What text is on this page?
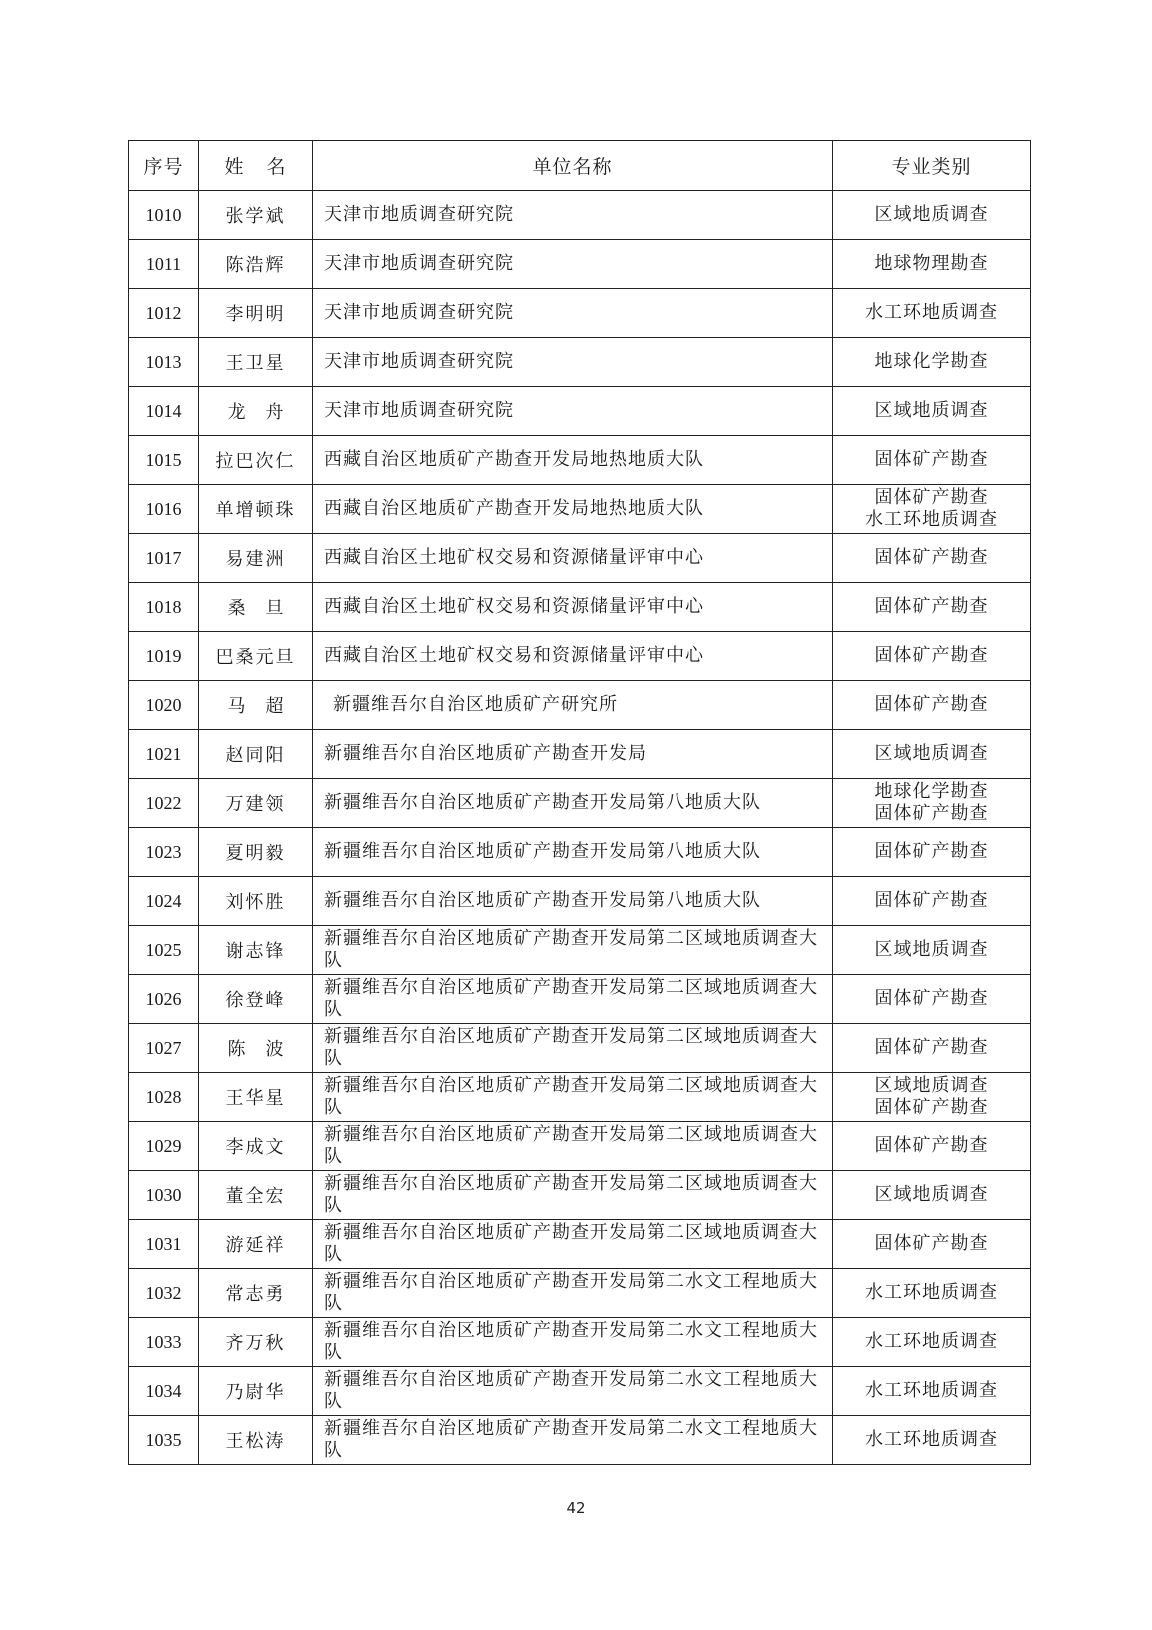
序号	姓 名	单位名称	专业类别
1010	张学斌	天津市地质调查研究院	区域地质调查

1011	陈浩辉	天津市地质调查研究院	地球物理勘查

1012	李明明	天津市地质调查研究院	水工环地质调查

1013	王卫星	天津市地质调查研究院	地球化学勘查

1014	龙舟	天津市地质调查研究院	区域地质调查

1015	拉巴次仁	西藏自治区地质矿产勘查开发局地热地质大队	固体矿产勘查

1016	单增顿珠	西藏自治区地质矿产勘查开发局地热地质大队	固体矿产勘查
水工环地质调查

1017	易建洲	西藏自治区土地矿权交易和资源储量评审中心	固体矿产勘查

1018	桑旦	西藏自治区土地矿权交易和资源储量评审中心	固体矿产勘查

1019	巴桑元旦	西藏自治区土地矿权交易和资源储量评审中心	固体矿产勘查

1020	马超	新疆维吾尔自治区地质矿产研究所	固体矿产勘查

1021	赵同阳	新疆维吾尔自治区地质矿产勘查开发局	区域地质调查

1022	万建领	新疆维吾尔自治区地质矿产勘查开发局第八地质大队	地球化学勘查
固体矿产勘查

1023	夏明毅	新疆维吾尔自治区地质矿产勘查开发局第八地质大队	固体矿产勘查

1024	刘怀胜	新疆维吾尔自治区地质矿产勘查开发局第八地质大队	固体矿产勘查

1025	谢志锋	新疆维吾尔自治区地质矿产勘查开发局第二区域地质调查大队	区域地质调查

1026	徐登峰	新疆维吾尔自治区地质矿产勘查开发局第二区域地质调查大队	固体矿产勘查

1027	陈波	新疆维吾尔自治区地质矿产勘查开发局第二区域地质调查大队	固体矿产勘查

1028	王华星	新疆维吾尔自治区地质矿产勘查开发局第二区域地质调查大队	区域地质调查
固体矿产勘查

1029	李成文	新疆维吾尔自治区地质矿产勘查开发局第二区域地质调查大队	固体矿产勘查

1030	董全宏	新疆维吾尔自治区地质矿产勘查开发局第二区域地质调查大队	区域地质调查

1031	游延祥	新疆维吾尔自治区地质矿产勘查开发局第二区域地质调查大队	固体矿产勘查

1032	常志勇	新疆维吾尔自治区地质矿产勘查开发局第二水文工程地质大队	水工环地质调查

1033	齐万秋	新疆维吾尔自治区地质矿产勘查开发局第二水文工程地质大队	水工环地质调查

1034	乃尉华	新疆维吾尔自治区地质矿产勘查开发局第二水文工程地质大队	水工环地质调查

1035	王松涛	新疆维吾尔自治区地质矿产勘查开发局第二水文工程地质大队	水工环地质调查
42
